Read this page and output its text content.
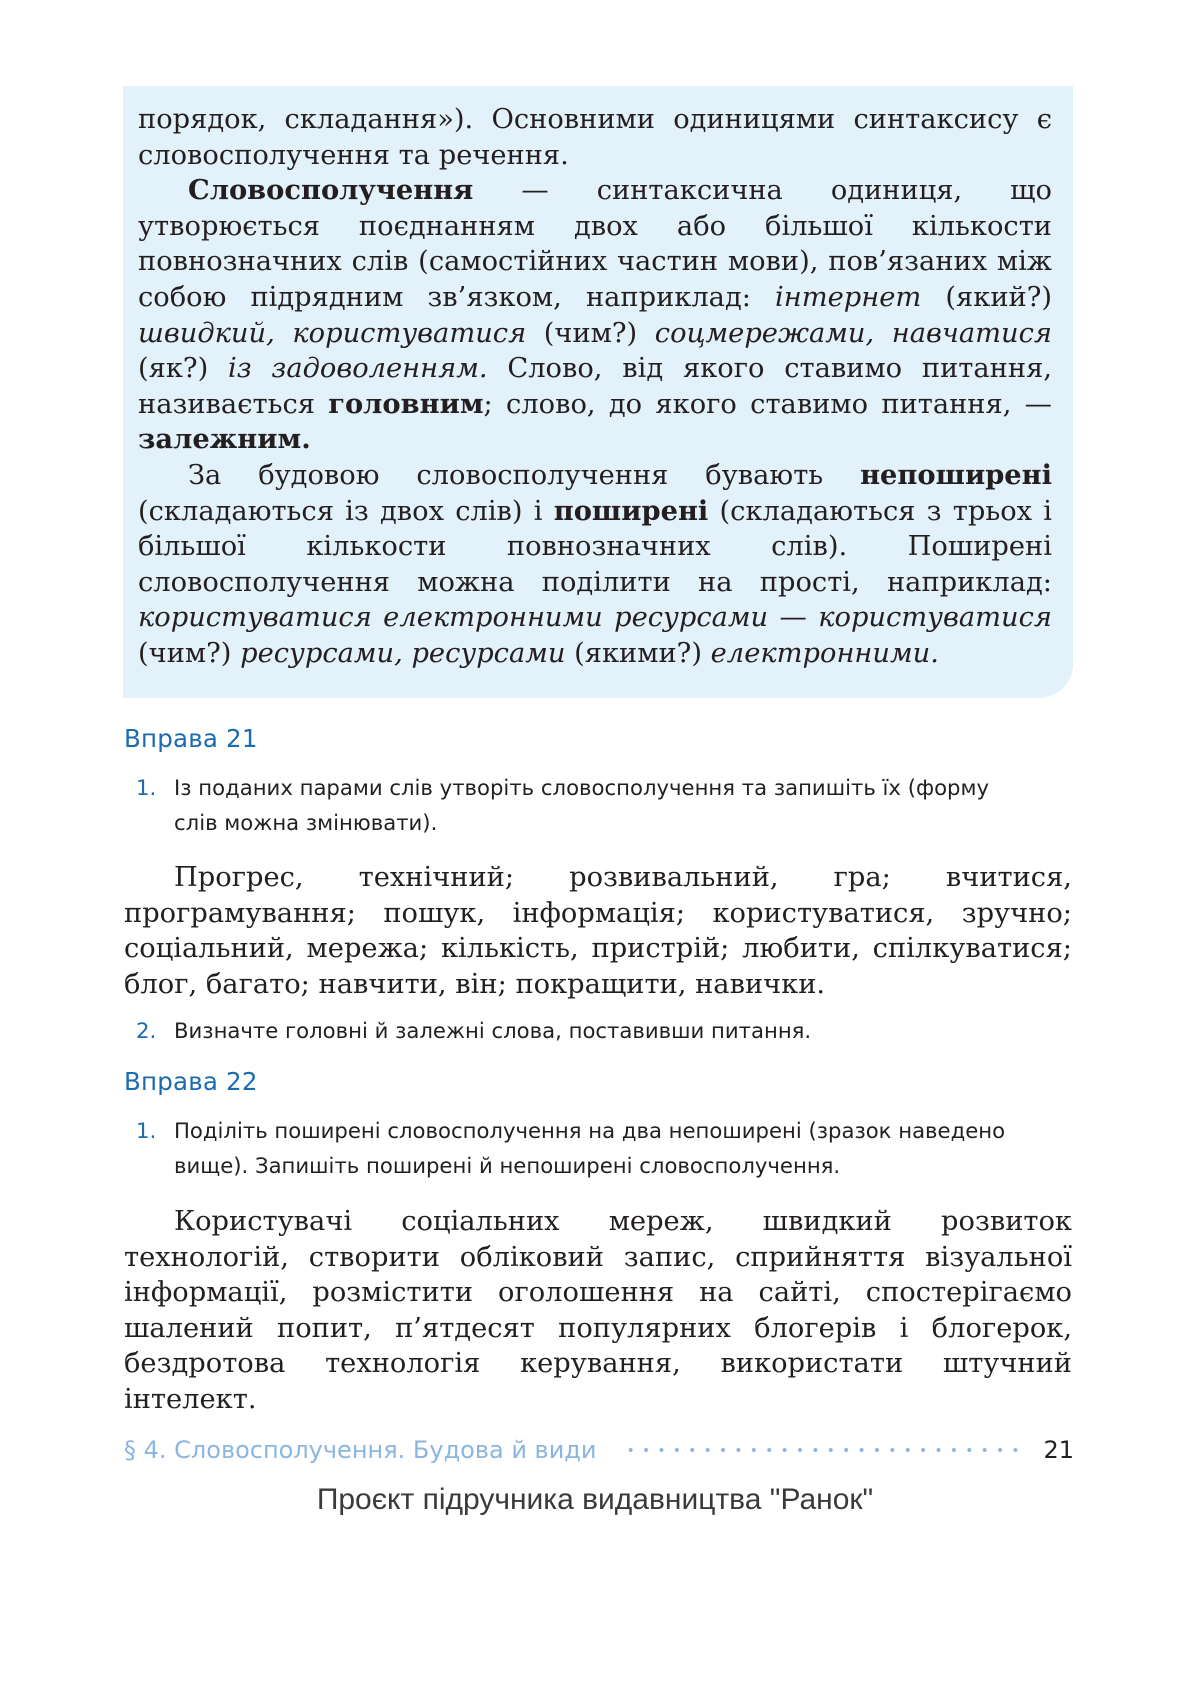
порядок, складання»). Основними одиницями синтаксису є словосполучення та речення.

Словосполучення — синтаксична одиниця, що утворюється поєднанням двох або більшої кількости повнозначних слів (самостійних частин мови), пов’язаних між собою підрядним зв’язком, наприклад: інтернет (який?) швидкий, користуватися (чим?) соцмережами, навчатися (як?) із задоволенням. Слово, від якого ставимо питання, називається головним; слово, до якого ставимо питання, — залежним.

За будовою словосполучення бувають непоширені (складаються із двох слів) і поширені (складаються з трьох і більшої кількости повнозначних слів). Поширені словосполучення можна поділити на прості, наприклад: користуватися електронними ресурсами — користуватися (чим?) ресурсами, ресурсами (якими?) електронними.

Вправа 21
1. Із поданих парами слів утворіть словосполучення та запишіть їх (форму
слів можна змінювати).

Прогрес, технічний; розвивальний, гра; вчитися, програмування; пошук, інформація; користуватися, зручно; соціальний, мережа; кількість, пристрій; любити, спілкуватися; блог, багато; навчити, він; покращити, навички.

2. Визначте головні й залежні слова, поставивши питання.
Вправа 22
1. Поділіть поширені словосполучення на два непоширені (зразок наведено
вище). Запишіть поширені й непоширені словосполучення.

Користувачі соціальних мереж, швидкий розвиток технологій, створити обліковий запис, сприйняття візуальної інформації, розмістити оголошення на сайті, спостерігаємо шалений попит, п’ятдесят популярних блогерів і блогерок, бездротова технологія керування, використати штучний інтелект.

§ 4. Словосполучення. Будова й види	21
Проєкт підручника видавництва "Ранок"
